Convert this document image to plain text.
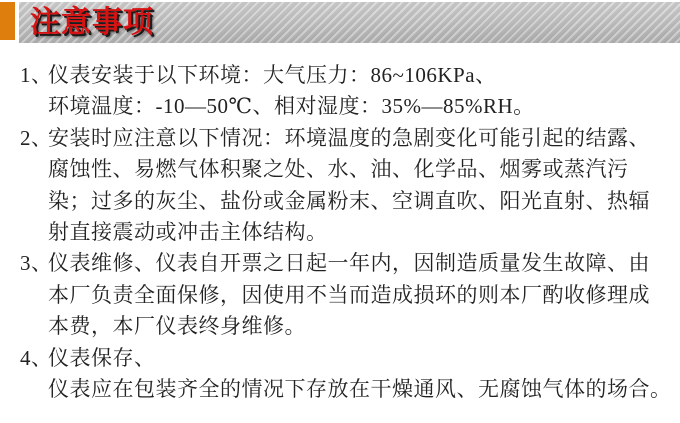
注意事项
1、
仪表安装于以下环境：大气压力：86~106KPa、
环境温度：-10—50℃、相对湿度：35%—85%RH。
2、
安装时应注意以下情况：环境温度的急剧变化可能引起的结露、
腐蚀性、易燃气体积聚之处、水、油、化学品、烟雾或蒸汽污
染；过多的灰尘、盐份或金属粉末、空调直吹、阳光直射、热辐
射直接震动或冲击主体结构。
3、
仪表维修、仪表自开票之日起一年内，因制造质量发生故障、由
本厂负责全面保修，因使用不当而造成损环的则本厂酌收修理成
本费，本厂仪表终身维修。
4、
仪表保存、
仪表应在包装齐全的情况下存放在干燥通风、无腐蚀气体的场合。
